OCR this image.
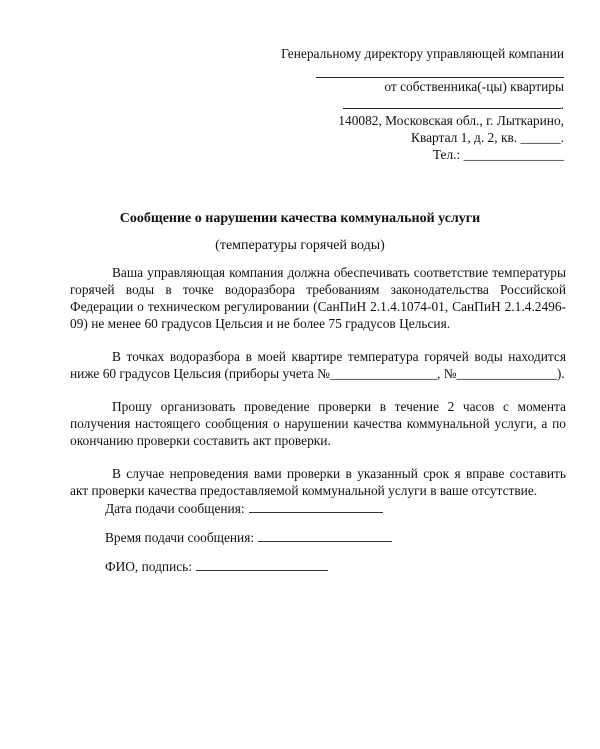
Генеральному директору управляющей компании
от собственника(-цы) квартиры
.
140082, Московская обл., г. Лыткарино,
Квартал 1, д. 2, кв. ______.
Тел.: _______________
Сообщение о нарушении качества коммунальной услуги
(температуры горячей воды)

Ваша управляющая компания должна обеспечивать соответствие температуры горячей воды в точке водоразбора требованиям законодательства Российской Федерации о техническом регулировании (СанПиН 2.1.4.1074-01, СанПиН 2.1.4.2496-09) не менее 60 градусов Цельсия и не более 75 градусов Цельсия.

В точках водоразбора в моей квартире температура горячей воды находится ниже 60 градусов Цельсия (приборы учета №________________, №_______________).

Прошу организовать проведение проверки в течение 2 часов с момента получения настоящего сообщения о нарушении качества коммунальной услуги, а по окончанию проверки составить акт проверки.

В случае непроведения вами проверки в указанный срок я вправе составить акт проверки качества предоставляемой коммунальной услуги в ваше отсутствие.

Дата подачи сообщения:
Время подачи сообщения:
ФИО, подпись:
